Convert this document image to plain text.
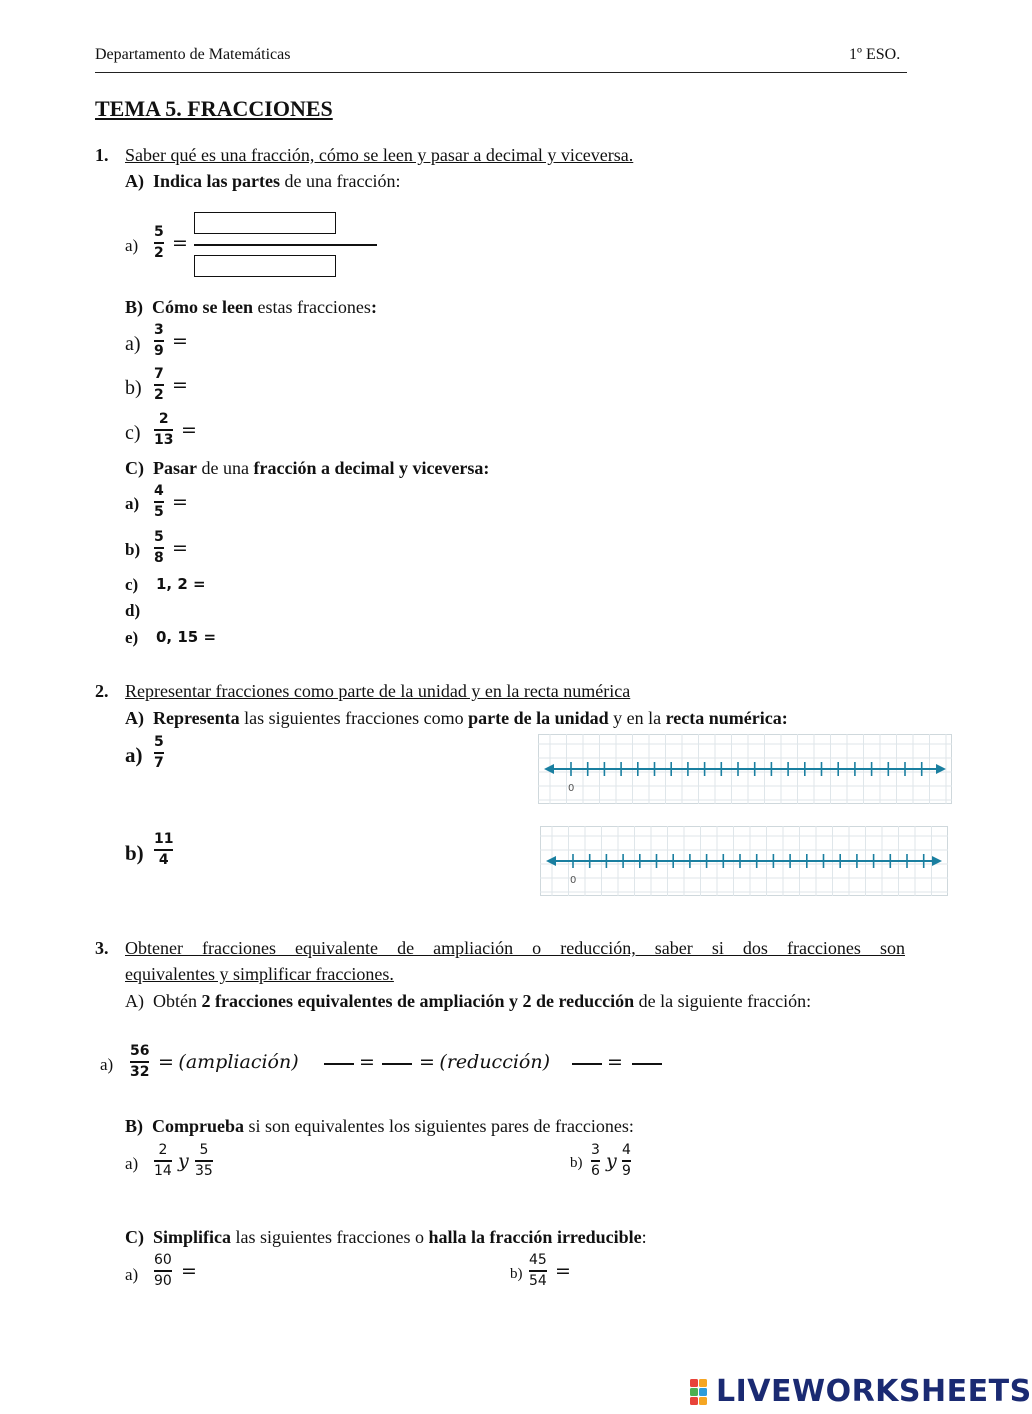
Departamento de Matemáticas	1º ESO.
TEMA 5. FRACCIONES
1. Saber qué es una fracción, cómo se leen y pasar a decimal y viceversa.
A) Indica las partes de una fracción:
a)
5
2 =
B) Cómo se leen estas fracciones:
a)
3
9 =
b)
7
2 =
c)
2
13 =
C) Pasar de una fracción a decimal y viceversa:
a)
4
5 =
b)
5
8 =
c) 1, 2 =
d)
e) 0, 15 =
2. Representar fracciones como parte de la unidad y en la recta numérica
A) Representa las siguientes fracciones como parte de la unidad y en la recta numérica:
a)
5
7
0
b)
11
4
0
3. Obtener fracciones equivalente de ampliación o reducción, saber si dos fracciones son
equivalentes y simplificar fracciones.
A) Obtén 2 fracciones equivalentes de ampliación y 2 de reducción de la siguiente fracción:
a)
56
32 = (ampliación)	= = (reducción)	=
B) Comprueba si son equivalentes los siguientes pares de fracciones:
a)
2
14 y 5
35	b)
3
6 y 4
9
C) Simplifica las siguientes fracciones o halla la fracción irreducible:
a)
60
90 =	b)
45
54 =
LIVEWORKSHEETS
